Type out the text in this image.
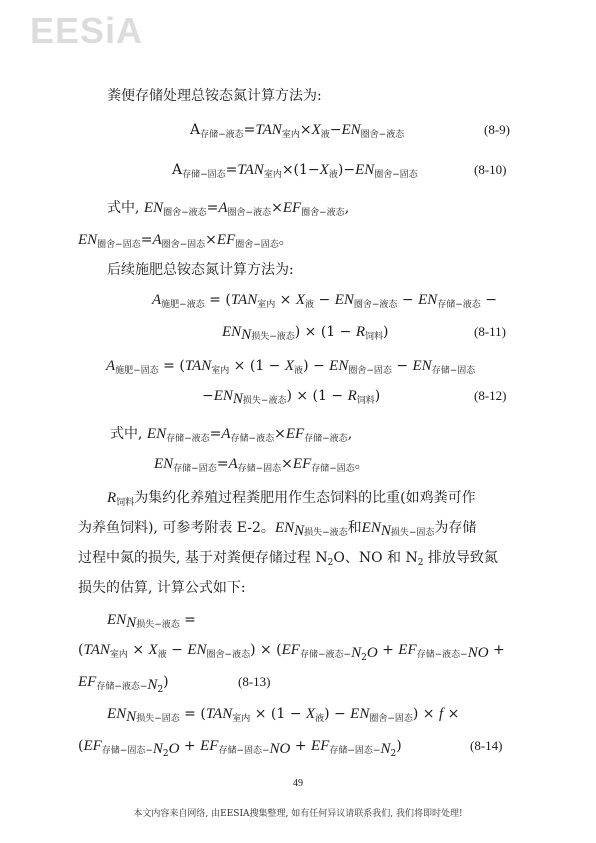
EESiA
粪便存储处理总铵态氮计算方法为:
$A_{存储-液态}=TAN_{室内}\times X_液-EN_{圈舍-液态}$	(8-9)
$A_{存储-固态}=TAN_{室内}\times(1-X_液)-EN_{圈舍-固态}$	(8-10)
式中, $EN_{圈舍-液态}=A_{圈舍-液态}\times EF_{圈舍-液态}$,
$EN_{圈舍-固态}=A_{圈舍-固态}\times EF_{圈舍-固态}$。
后续施肥总铵态氮计算方法为:
$A_{施肥-液态} = (TAN_{室内} \times X_液 - EN_{圈舍-液态} - EN_{存储-液态}$ −
$EN_{N损失-液态}) \times (1 - R_{饲料})$	(8-11)
$A_{施肥-固态} = (TAN_{室内} \times (1 - X_液) - EN_{圈舍-固态} - EN_{存储-固态}$
$-EN_{N损失-液态}) \times (1 - R_{饲料})$	(8-12)
式中, $EN_{存储-液态}=A_{存储-液态}\times EF_{存储-液态}$,
$EN_{存储-固态}=A_{存储-固态}\times EF_{存储-固态}$。
$R_{饲料}$为集约化养殖过程粪肥用作生态饲料的比重(如鸡粪可作
为养鱼饲料), 可参考附表 E-2。$EN_{N损失-液态}$和$EN_{N损失-固态}$为存储
过程中氮的损失, 基于对粪便存储过程 $N_2O$、NO 和 $N_2$ 排放导致氮
损失的估算, 计算公式如下:
$EN_{N损失-液态}$ =
$(TAN_{室内} \times X_液 - EN_{圈舍-液态}) \times (EF_{存储-液态-N_2O} + EF_{存储-液态-NO}$ +
$EF_{存储-液态-N_2}$)	(8-13)
$EN_{N损失-固态} = (TAN_{室内} \times (1 - X_液) - EN_{圈舍-固态}) \times f$ ×
$(EF_{存储-固态-N_2O} + EF_{存储-固态-NO} + EF_{存储-固态-N_2})$	(8-14)
49
本文内容来自网络, 由EESIA搜集整理, 如有任何异议请联系我们, 我们将即时处理!
